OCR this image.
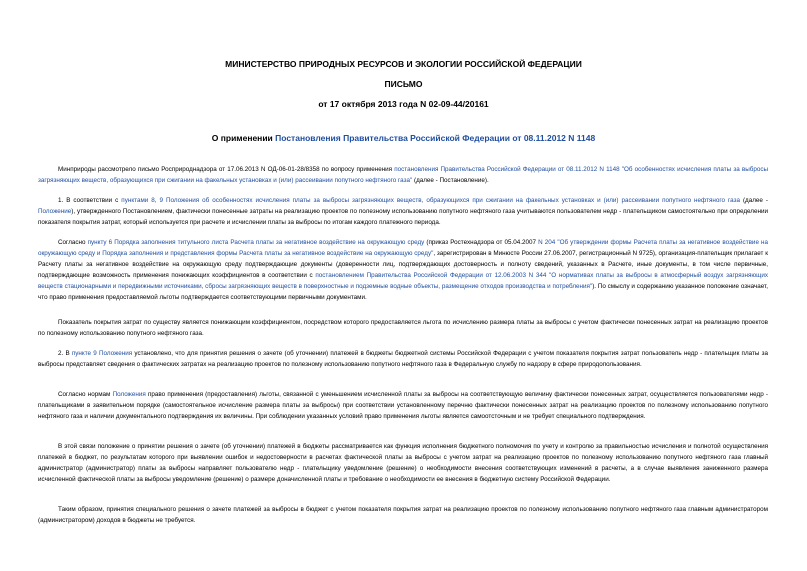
МИНИСТЕРСТВО ПРИРОДНЫХ РЕСУРСОВ И ЭКОЛОГИИ РОССИЙСКОЙ ФЕДЕРАЦИИ
ПИСЬМО
от 17 октября 2013 года N 02-09-44/20161
О применении Постановления Правительства Российской Федерации от 08.11.2012 N 1148

Минприроды рассмотрело письмо Росприроднадзора от 17.06.2013 N ОД-06-01-28/8358 по вопросу применения постановления Правительства Российской Федерации от 08.11.2012 N 1148 "Об особенностях исчисления платы за выбросы загрязняющих веществ, образующихся при сжигании на факельных установках и (или) рассеивании попутного нефтяного газа" (далее - Постановление).

1. В соответствии с пунктами 8, 9 Положения об особенностях исчисления платы за выбросы загрязняющих веществ, образующихся при сжигании на факельных установках и (или) рассеивании попутного нефтяного газа (далее - Положение), утвержденного Постановлением, фактически понесенные затраты на реализацию проектов по полезному использованию попутного нефтяного газа учитываются пользователем недр - плательщиком самостоятельно при определении показателя покрытия затрат, который используется при расчете и исчислении платы за выбросы по итогам каждого платежного периода.

Согласно пункту 6 Порядка заполнения титульного листа Расчета платы за негативное воздействие на окружающую среду (приказ Ростехнадзора от 05.04.2007 N 204 "Об утверждении формы Расчета платы за негативное воздействие на окружающую среду и Порядка заполнения и представления формы Расчета платы за негативное воздействие на окружающую среду", зарегистрирован в Минюсте России 27.06.2007, регистрационный N 9725), организация-плательщик прилагает к Расчету платы за негативное воздействие на окружающую среду подтверждающие документы (доверенности лиц, подтверждающих достоверность и полноту сведений, указанных в Расчете, иные документы, в том числе первичные, подтверждающие возможность применения понижающих коэффициентов в соответствии с постановлением Правительства Российской Федерации от 12.06.2003 N 344 "О нормативах платы за выбросы в атмосферный воздух загрязняющих веществ стационарными и передвижными источниками, сбросы загрязняющих веществ в поверхностные и подземные водные объекты, размещение отходов производства и потребления"). По смыслу и содержанию указанное положение означает, что право применения предоставляемой льготы подтверждается соответствующими первичными документами.

Показатель покрытия затрат по существу является понижающим коэффициентом, посредством которого предоставляется льгота по исчислению размера платы за выбросы с учетом фактически понесенных затрат на реализацию проектов по полезному использованию попутного нефтяного газа.

2. В пункте 9 Положения установлено, что для принятия решения о зачете (об уточнении) платежей в бюджеты бюджетной системы Российской Федерации с учетом показателя покрытия затрат пользователь недр - плательщик платы за выбросы представляет сведения о фактических затратах на реализацию проектов по полезному использованию попутного нефтяного газа в Федеральную службу по надзору в сфере природопользования.

Согласно нормам Положения право применения (предоставления) льготы, связанной с уменьшением исчисленной платы за выбросы на соответствующую величину фактически понесенных затрат, осуществляется пользователями недр - плательщиками в заявительном порядке (самостоятельное исчисление размера платы за выбросы) при соответствии установленному перечню фактически понесенных затрат на реализацию проектов по полезному использованию попутного нефтяного газа и наличии документального подтверждения их величины. При соблюдении указанных условий право применения льготы является самоотсточным и не требует специального подтверждения.

В этой связи положение о принятии решения о зачете (об уточнении) платежей в бюджеты рассматривается как функция исполнения бюджетного полномочия по учету и контролю за правильностью исчисления и полнотой осуществления платежей в бюджет, по результатам которого при выявлении ошибок и недостоверности в расчетах фактической платы за выбросы с учетом затрат на реализацию проектов по полезному использованию попутного нефтяного газа главный администратор (администратор) платы за выбросы направляет пользователю недр - плательщику уведомление (решение) о необходимости внесения соответствующих изменений в расчеты, а в случае выявления заниженного размера исчисленной фактической платы за выбросы уведомление (решение) о размере доначисленной платы и требование о необходимости ее внесения в бюджетную систему Российской Федерации.

Таким образом, принятия специального решения о зачете платежей за выбросы в бюджет с учетом показателя покрытия затрат на реализацию проектов по полезному использованию попутного нефтяного газа главным администратором (администратором) доходов в бюджеты не требуется.
